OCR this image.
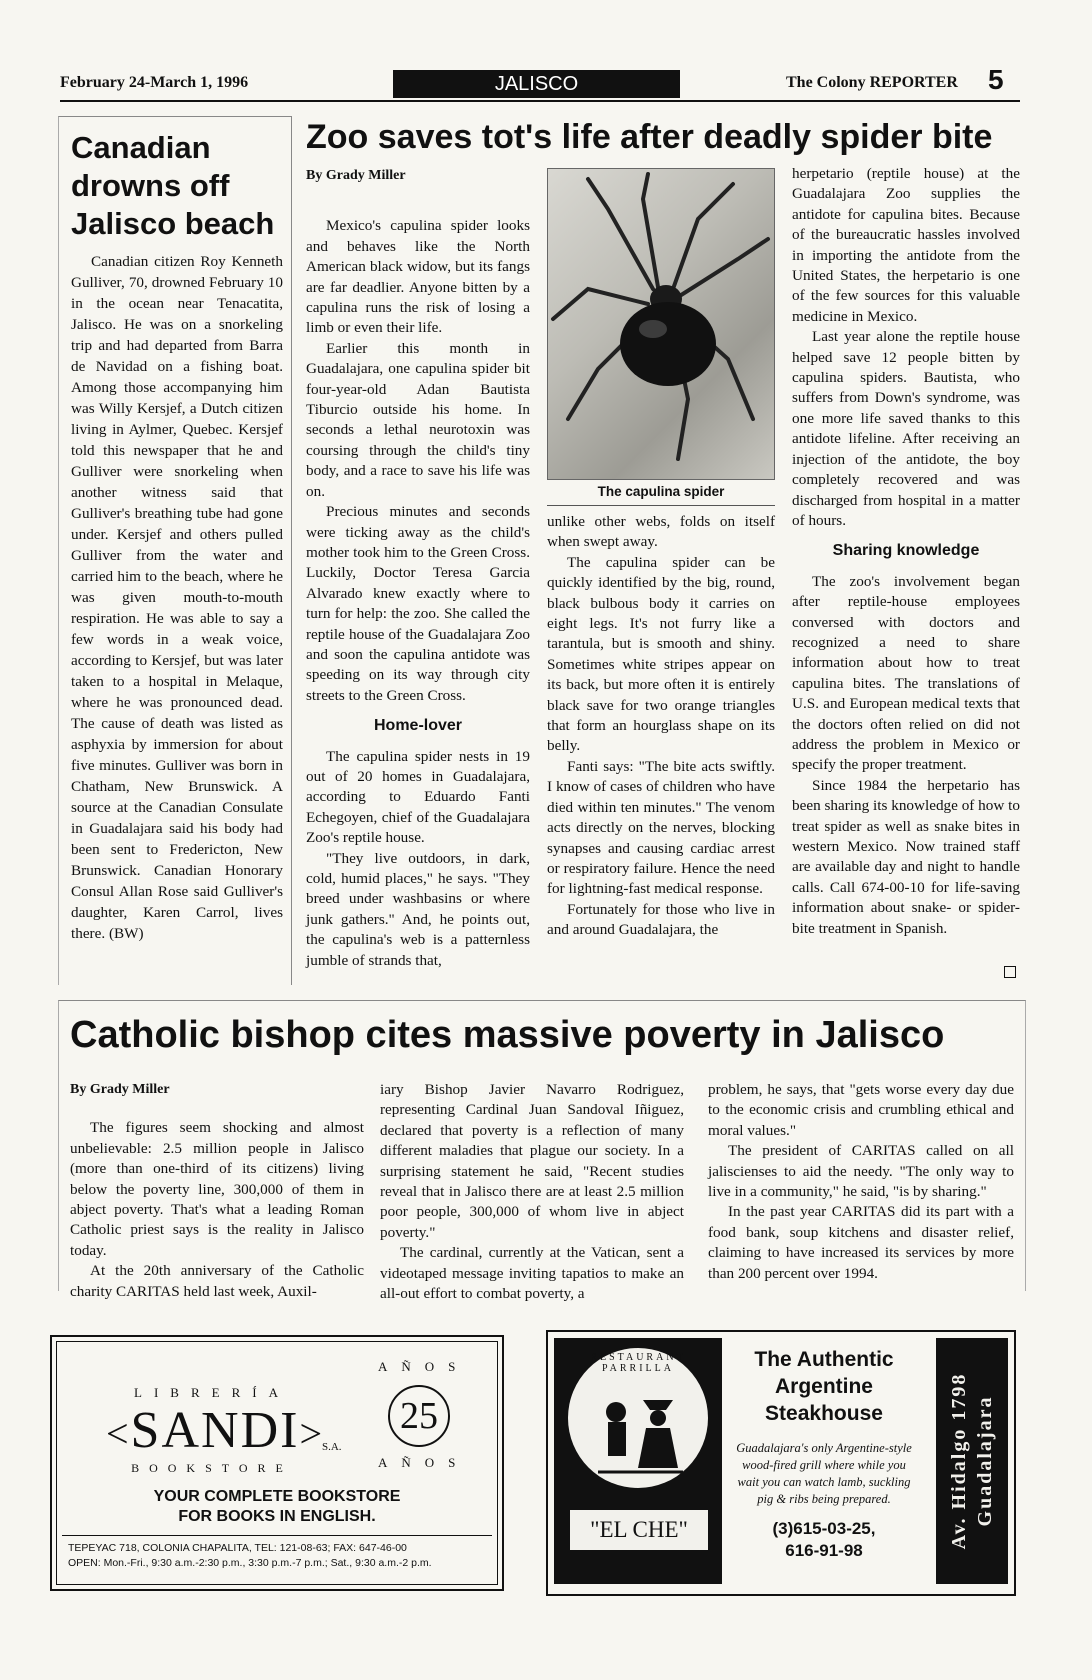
February 24-March 1, 1996	JALISCO	The Colony REPORTER 5
Canadian drowns off Jalisco beach
Canadian citizen Roy Kenneth Gulliver, 70, drowned February 10 in the ocean near Tenacatita, Jalisco. He was on a snorkeling trip and had departed from Barra de Navidad on a fishing boat. Among those accompanying him was Willy Kersjef, a Dutch citizen living in Aylmer, Quebec. Kersjef told this newspaper that he and Gulliver were snorkeling when another witness said that Gulliver's breathing tube had gone under. Kersjef and others pulled Gulliver from the water and carried him to the beach, where he was given mouth-to-mouth respiration. He was able to say a few words in a weak voice, according to Kersjef, but was later taken to a hospital in Melaque, where he was pronounced dead. The cause of death was listed as asphyxia by immersion for about five minutes. Gulliver was born in Chatham, New Brunswick. A source at the Canadian Consulate in Guadalajara said his body had been sent to Fredericton, New Brunswick. Canadian Honorary Consul Allan Rose said Gulliver's daughter, Karen Carrol, lives there. (BW)
Zoo saves tot's life after deadly spider bite
By Grady Miller

Mexico's capulina spider looks and behaves like the North American black widow, but its fangs are far deadlier. Anyone bitten by a capulina runs the risk of losing a limb or even their life.

Earlier this month in Guadalajara, one capulina spider bit four-year-old Adan Bautista Tiburcio outside his home. In seconds a lethal neurotoxin was coursing through the child's tiny body, and a race to save his life was on.

Precious minutes and seconds were ticking away as the child's mother took him to the Green Cross. Luckily, Doctor Teresa Garcia Alvarado knew exactly where to turn for help: the zoo. She called the reptile house of the Guadalajara Zoo and soon the capulina antidote was speeding on its way through city streets to the Green Cross.

Home-lover

The capulina spider nests in 19 out of 20 homes in Guadalajara, according to Eduardo Fanti Echegoyen, chief of the Guadalajara Zoo's reptile house.

"They live outdoors, in dark, cold, humid places," he says. "They breed under washbasins or where junk gathers." And, he points out, the capulina's web is a patternless jumble of strands that,

The capulina spider

unlike other webs, folds on itself when swept away.

The capulina spider can be quickly identified by the big, round, black bulbous body it carries on eight legs. It's not furry like a tarantula, but is smooth and shiny. Sometimes white stripes appear on its back, but more often it is entirely black save for two orange triangles that form an hourglass shape on its belly.

Fanti says: "The bite acts swiftly. I know of cases of children who have died within ten minutes." The venom acts directly on the nerves, blocking synapses and causing cardiac arrest or respiratory failure. Hence the need for lightning-fast medical response.

Fortunately for those who live in and around Guadalajara, the

herpetario (reptile house) at the Guadalajara Zoo supplies the antidote for capulina bites. Because of the bureaucratic hassles involved in importing the antidote from the United States, the herpetario is one of the few sources for this valuable medicine in Mexico.

Last year alone the reptile house helped save 12 people bitten by capulina spiders. Bautista, who suffers from Down's syndrome, was one more life saved thanks to this antidote lifeline. After receiving an injection of the antidote, the boy completely recovered and was discharged from hospital in a matter of hours.

Sharing knowledge

The zoo's involvement began after reptile-house employees conversed with doctors and recognized a need to share information about how to treat capulina bites. The translations of U.S. and European medical texts that the doctors often relied on did not address the problem in Mexico or specify the proper treatment.

Since 1984 the herpetario has been sharing its knowledge of how to treat spider as well as snake bites in western Mexico. Now trained staff are available day and night to handle calls. Call 674-00-10 for life-saving information about snake- or spider-bite treatment in Spanish.

Catholic bishop cites massive poverty in Jalisco
By Grady Miller

The figures seem shocking and almost unbelievable: 2.5 million people in Jalisco (more than one-third of its citizens) living below the poverty line, 300,000 of them in abject poverty. That's what a leading Roman Catholic priest says is the reality in Jalisco today.

At the 20th anniversary of the Catholic charity CARITAS held last week, Auxil-

iary Bishop Javier Navarro Rodriguez, representing Cardinal Juan Sandoval Iñiguez, declared that poverty is a reflection of many different maladies that plague our society. In a surprising statement he said, "Recent studies reveal that in Jalisco there are at least 2.5 million poor people, 300,000 of whom live in abject poverty."

The cardinal, currently at the Vatican, sent a videotaped message inviting tapatios to make an all-out effort to combat poverty, a

problem, he says, that "gets worse every day due to the economic crisis and crumbling ethical and moral values."

The president of CARITAS called on all jaliscienses to aid the needy. "The only way to live in a community," he said, "is by sharing."

In the past year CARITAS did its part with a food bank, soup kitchens and disaster relief, claiming to have increased its services by more than 200 percent over 1994.

LIBRERÍA
<SANDI>
S.A.
BOOKSTORE
AÑOS
25
AÑOS
YOUR COMPLETE BOOKSTORE
FOR BOOKS IN ENGLISH.
TEPEYAC 718, COLONIA CHAPALITA, TEL: 121-08-63; FAX: 647-46-00
OPEN: Mon.-Fri., 9:30 a.m.-2:30 p.m., 3:30 p.m.-7 p.m.; Sat., 9:30 a.m.-2 p.m.
RESTAURANT PARRILLA
"EL CHE"
The Authentic Argentine Steakhouse
Guadalajara's only Argentine-style wood-fired grill where while you wait you can watch lamb, suckling pig & ribs being prepared.
(3)615-03-25,
616-91-98
Av. Hidalgo 1798 Guadalajara
